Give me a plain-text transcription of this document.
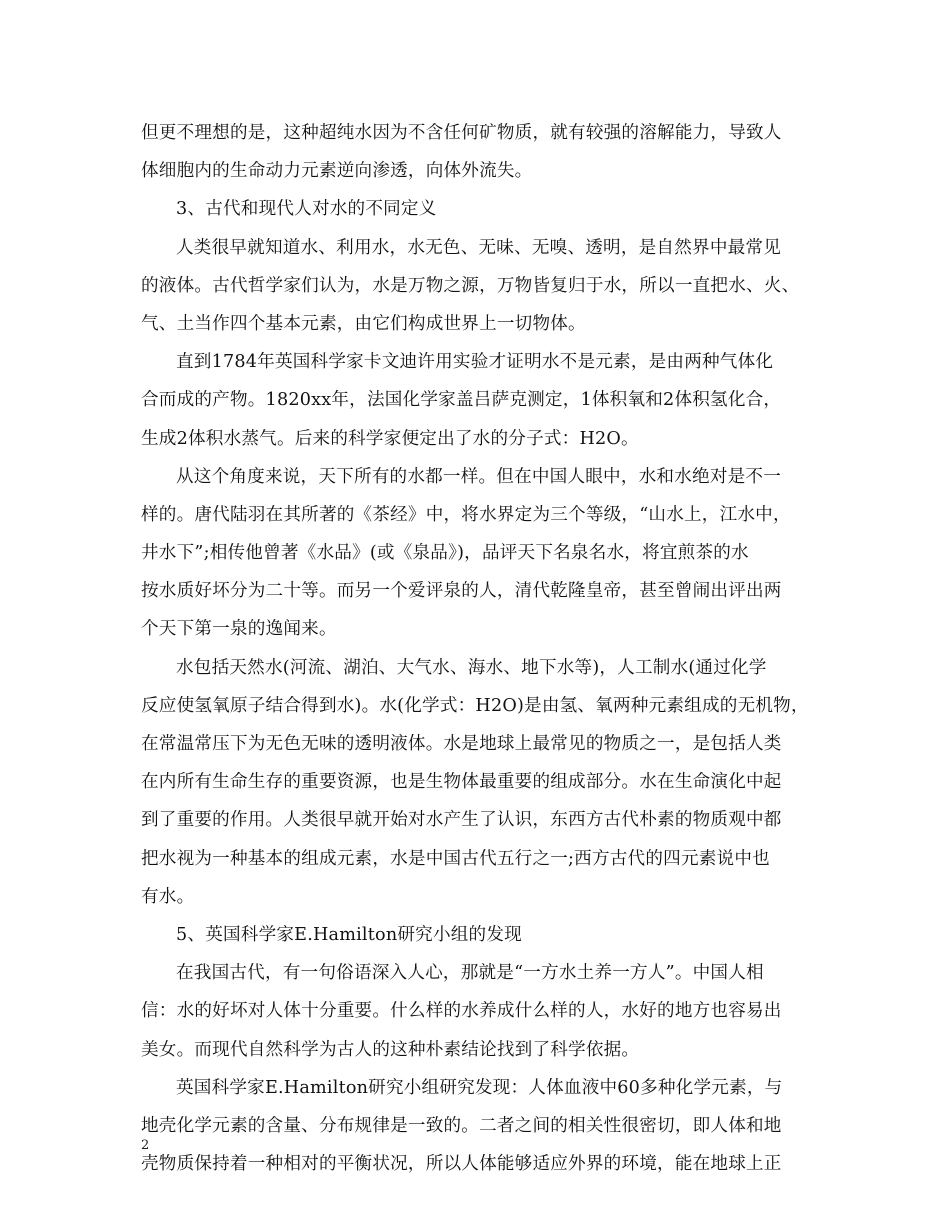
但更不理想的是，这种超纯水因为不含任何矿物质，就有较强的溶解能力，导致人
体细胞内的生命动力元素逆向渗透，向体外流失。
3、古代和现代人对水的不同定义
人类很早就知道水、利用水，水无色、无味、无嗅、透明，是自然界中最常见
的液体。古代哲学家们认为，水是万物之源，万物皆复归于水，所以一直把水、火、
气、土当作四个基本元素，由它们构成世界上一切物体。
直到1784年英国科学家卡文迪许用实验才证明水不是元素，是由两种气体化
合而成的产物。1820xx年，法国化学家盖吕萨克测定，1体积氧和2体积氢化合，
生成2体积水蒸气。后来的科学家便定出了水的分子式：H2O。
从这个角度来说，天下所有的水都一样。但在中国人眼中，水和水绝对是不一
样的。唐代陆羽在其所著的《茶经》中，将水界定为三个等级，“山水上，江水中，
井水下”;相传他曾著《水品》(或《泉品》)，品评天下名泉名水，将宜煎茶的水
按水质好坏分为二十等。而另一个爱评泉的人，清代乾隆皇帝，甚至曾闹出评出两
个天下第一泉的逸闻来。
水包括天然水(河流、湖泊、大气水、海水、地下水等)，人工制水(通过化学
反应使氢氧原子结合得到水)。水(化学式：H2O)是由氢、氧两种元素组成的无机物，
在常温常压下为无色无味的透明液体。水是地球上最常见的物质之一，是包括人类
在内所有生命生存的重要资源，也是生物体最重要的组成部分。水在生命演化中起
到了重要的作用。人类很早就开始对水产生了认识，东西方古代朴素的物质观中都
把水视为一种基本的组成元素，水是中国古代五行之一;西方古代的四元素说中也
有水。
5、英国科学家E.Hamilton研究小组的发现
在我国古代，有一句俗语深入人心，那就是“一方水土养一方人”。中国人相
信：水的好坏对人体十分重要。什么样的水养成什么样的人，水好的地方也容易出
美女。而现代自然科学为古人的这种朴素结论找到了科学依据。
英国科学家E.Hamilton研究小组研究发现：人体血液中60多种化学元素，与
地壳化学元素的含量、分布规律是一致的。二者之间的相关性很密切，即人体和地
壳物质保持着一种相对的平衡状况，所以人体能够适应外界的环境，能在地球上正
2
